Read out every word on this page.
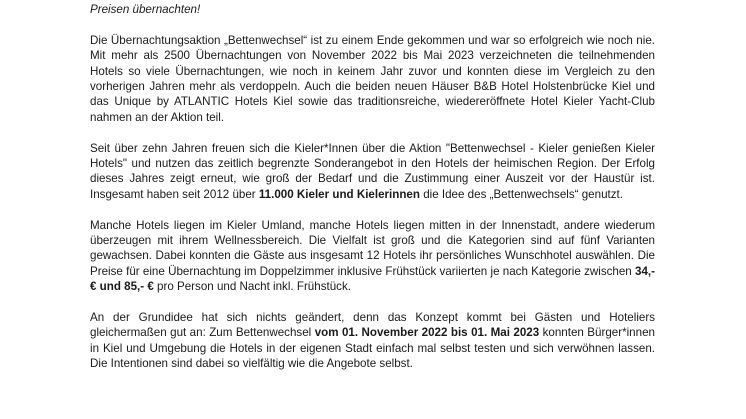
Preisen übernachten!

Die Übernachtungsaktion „Bettenwechsel“ ist zu einem Ende gekommen und war so erfolgreich wie noch nie. Mit mehr als 2500 Übernachtungen von November 2022 bis Mai 2023 verzeichneten die teilnehmenden Hotels so viele Übernachtungen, wie noch in keinem Jahr zuvor und konnten diese im Vergleich zu den vorherigen Jahren mehr als verdoppeln. Auch die beiden neuen Häuser B&B Hotel Holstenbrücke Kiel und das Unique by ATLANTIC Hotels Kiel sowie das traditionsreiche, wiedereröffnete Hotel Kieler Yacht-Club nahmen an der Aktion teil.

Seit über zehn Jahren freuen sich die Kieler*Innen über die Aktion "Bettenwechsel - Kieler genießen Kieler Hotels" und nutzen das zeitlich begrenzte Sonderangebot in den Hotels der heimischen Region. Der Erfolg dieses Jahres zeigt erneut, wie groß der Bedarf und die Zustimmung einer Auszeit vor der Haustür ist. Insgesamt haben seit 2012 über 11.000 Kieler und Kielerinnen die Idee des „Bettenwechsels“ genutzt.

Manche Hotels liegen im Kieler Umland, manche Hotels liegen mitten in der Innenstadt, andere wiederum überzeugen mit ihrem Wellnessbereich. Die Vielfalt ist groß und die Kategorien sind auf fünf Varianten gewachsen. Dabei konnten die Gäste aus insgesamt 12 Hotels ihr persönliches Wunschhotel auswählen. Die Preise für eine Übernachtung im Doppelzimmer inklusive Frühstück variierten je nach Kategorie zwischen 34,- € und 85,- € pro Person und Nacht inkl. Frühstück.

An der Grundidee hat sich nichts geändert, denn das Konzept kommt bei Gästen und Hoteliers gleichermaßen gut an: Zum Bettenwechsel vom 01. November 2022 bis 01. Mai 2023 konnten Bürger*innen in Kiel und Umgebung die Hotels in der eigenen Stadt einfach mal selbst testen und sich verwöhnen lassen. Die Intentionen sind dabei so vielfältig wie die Angebote selbst.
